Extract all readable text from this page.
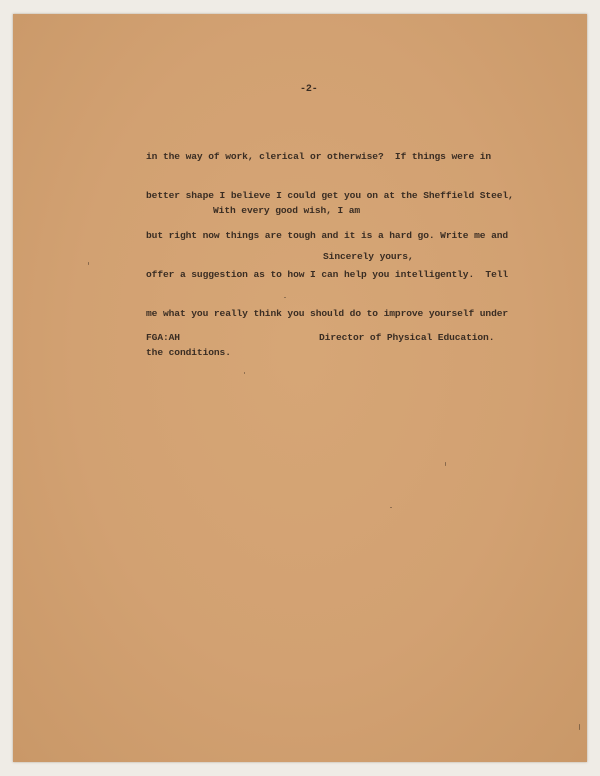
-2-

in the way of work, clerical or otherwise?  If things were in

better shape I believe I could get you on at the Sheffield Steel,

but right now things are tough and it is a hard go. Write me and

offer a suggestion as to how I can help you intelligently.  Tell

me what you really think you should do to improve yourself under

the conditions.

With every good wish, I am
Sincerely yours,
FGA:AH	Director of Physical Education.
